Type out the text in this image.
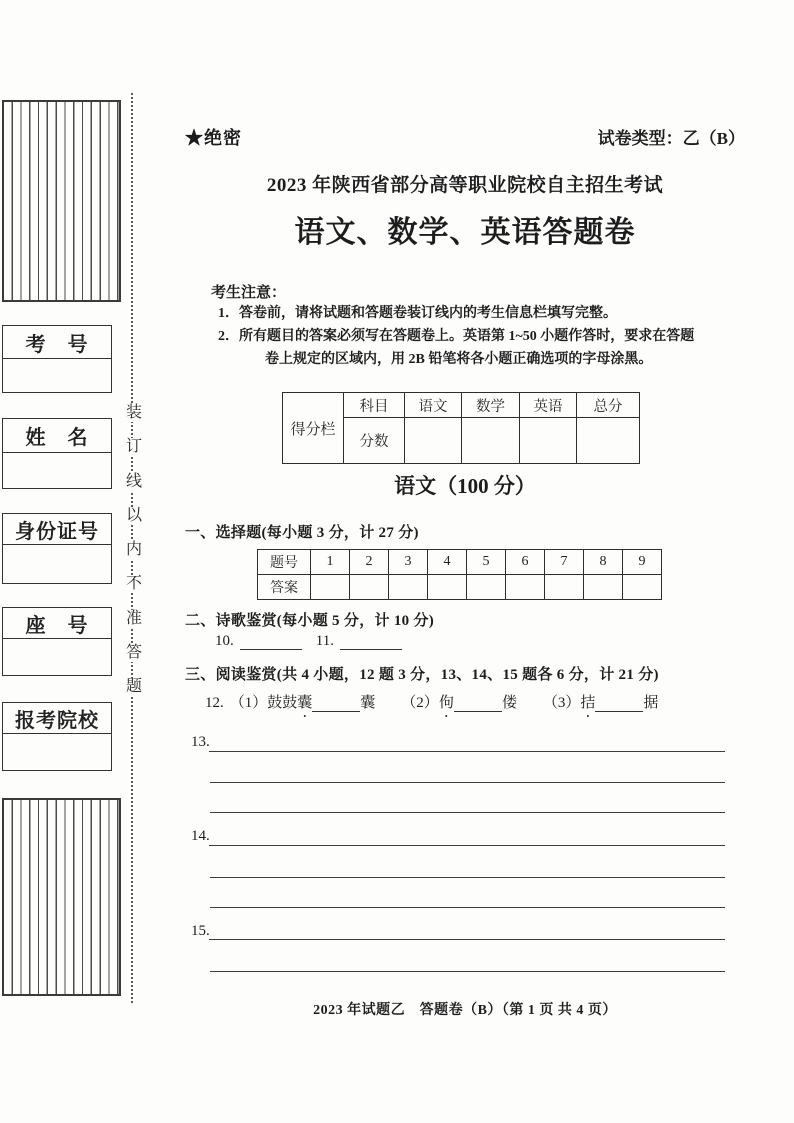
考　号
姓　名
身份证号
座　号
报考院校
装
订
线
以
内
不
准
答
题
★绝密	试卷类型：乙（B）
2023 年陕西省部分高等职业院校自主招生考试
语文、数学、英语答题卷
考生注意：
1．答卷前，请将试题和答题卷装订线内的考生信息栏填写完整。
2．所有题目的答案必须写在答题卷上。英语第 1~50 小题作答时，要求在答题
卷上规定的区域内，用 2B 铅笔将各小题正确选项的字母涂黑。
得分栏	科目	语文	数学	英语	总分
	分数				
语文（100 分）
一、选择题(每小题 3 分，计 27 分)
题号	1	2	3	4	5	6	7	8	9
答案									
二、诗歌鉴赏(每小题 5 分，计 10 分)
10.	11.
三、阅读鉴赏(共 4 小题，12 题 3 分，13、14、15 题各 6 分，计 21 分)
12. （1）鼓鼓 囊 •	囊 （2） 佝 •	偻 （3） 拮 •	据
13.
14.
15.
2023 年试题乙　答题卷（B）（第 1 页 共 4 页）
